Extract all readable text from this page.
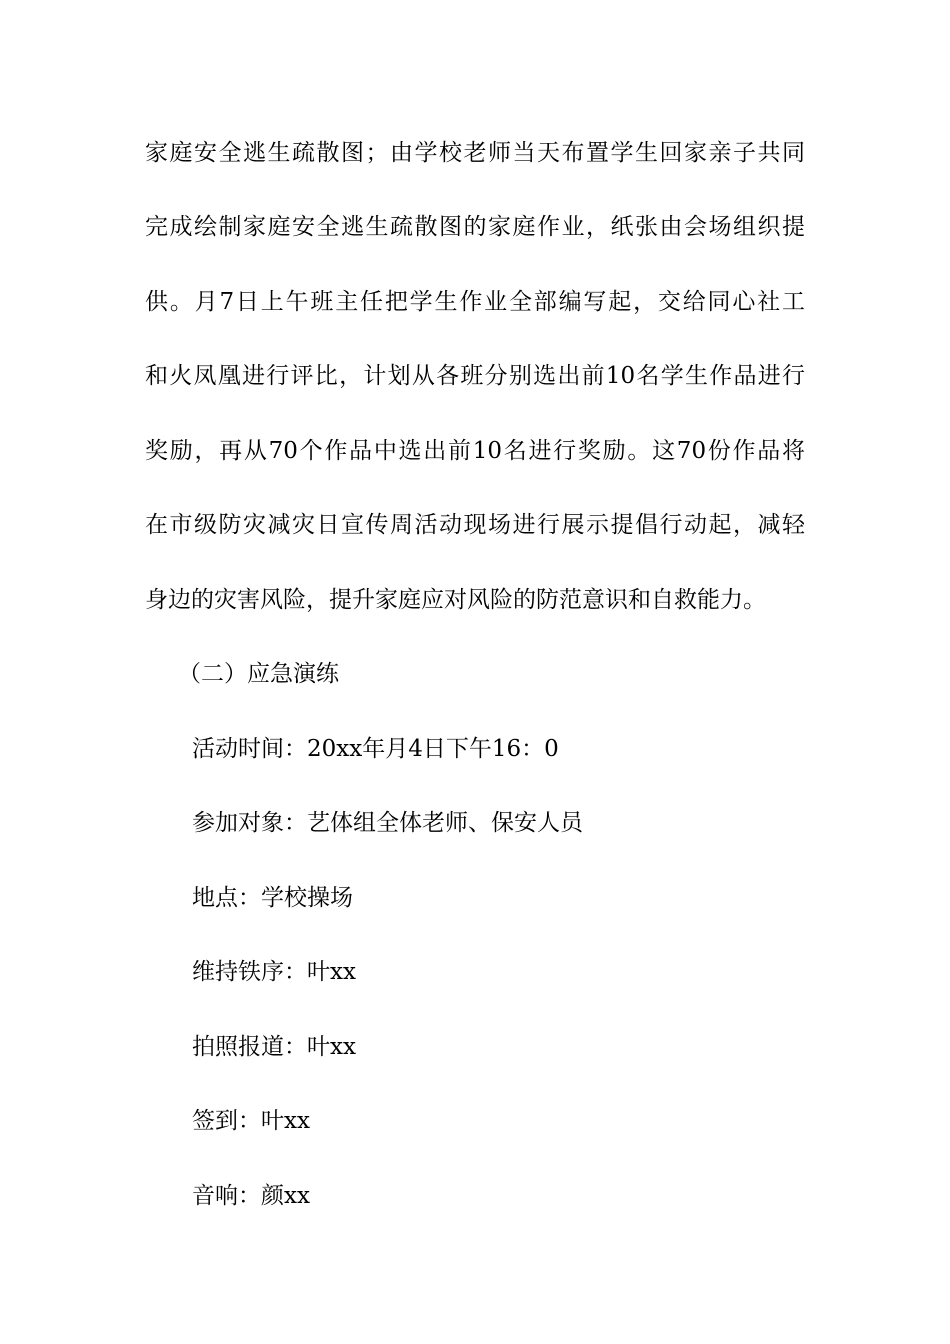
家庭安全逃生疏散图；由学校老师当天布置学生回家亲子共同
完成绘制家庭安全逃生疏散图的家庭作业，纸张由会场组织提
供。月7日上午班主任把学生作业全部编写起，交给同心社工
和火凤凰进行评比，计划从各班分别选出前10名学生作品进行
奖励，再从70个作品中选出前10名进行奖励。这70份作品将
在市级防灾减灾日宣传周活动现场进行展示提倡行动起，减轻
身边的灾害风险，提升家庭应对风险的防范意识和自救能力。
（二）应急演练
活动时间：20xx年月4日下午16：0
参加对象：艺体组全体老师、保安人员
地点：学校操场
维持铁序：叶xx
拍照报道：叶xx
签到：叶xx
音响：颜xx
